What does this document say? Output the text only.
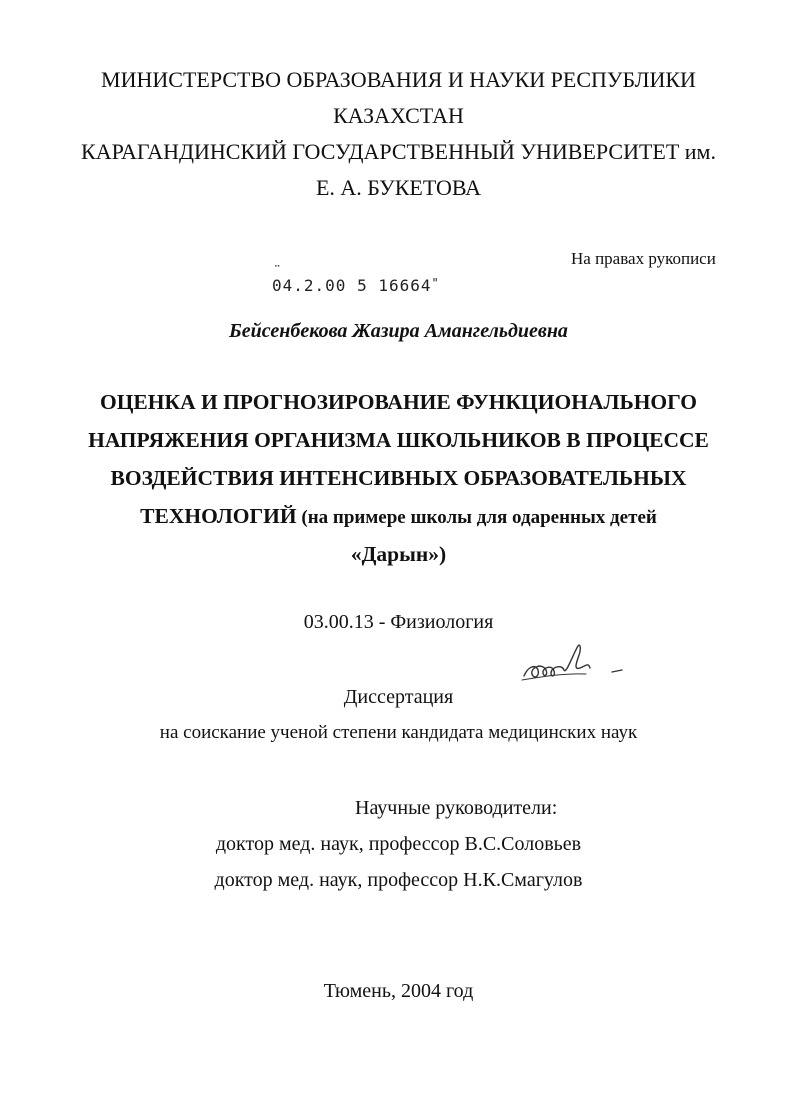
МИНИСТЕРСТВО ОБРАЗОВАНИЯ И НАУКИ РЕСПУБЛИКИ
КАЗАХСТАН
КАРАГАНДИНСКИЙ ГОСУДАРСТВЕННЫЙ УНИВЕРСИТЕТ им.
Е. А. БУКЕТОВА
На правах рукописи
¨ 04.2.00 5 16664"
Бейсенбекова Жазира Амангельдиевна
ОЦЕНКА И ПРОГНОЗИРОВАНИЕ ФУНКЦИОНАЛЬНОГО
НАПРЯЖЕНИЯ ОРГАНИЗМА ШКОЛЬНИКОВ В ПРОЦЕССЕ
ВОЗДЕЙСТВИЯ ИНТЕНСИВНЫХ ОБРАЗОВАТЕЛЬНЫХ
ТЕХНОЛОГИЙ (на примере школы для одаренных детей
«Дарын»)
03.00.13 - Физиология
Диссертация
на соискание ученой степени кандидата медицинских наук
Научные руководители:
доктор мед. наук, профессор В.С.Соловьев
доктор мед. наук, профессор Н.К.Смагулов
Тюмень, 2004 год
